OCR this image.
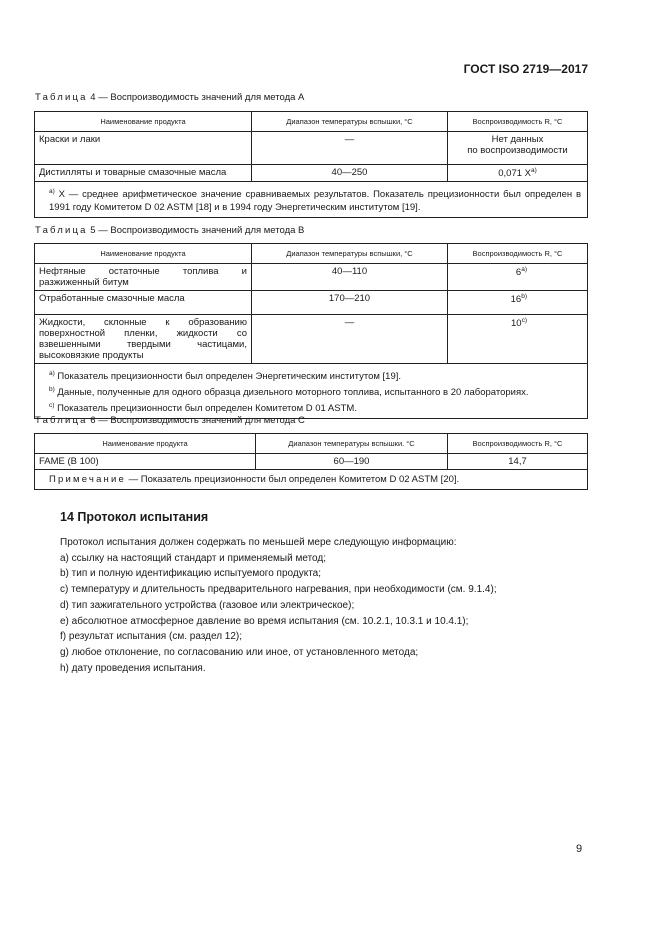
ГОСТ ISO 2719—2017
Таблица 4 — Воспроизводимость значений для метода А
Наименование продукта	Диапазон температуры вспышки, °С	Воспроизводимость R, °С
Краски и лаки	—	Нет данных
по воспроизводимости
Дистилляты и товарные смазочные масла	40—250	0,071 $X^{a)}$
$^{a)}$ X — среднее арифметическое значение сравниваемых результатов. Показатель прецизионности был определен в 1991 году Комитетом D 02 ASTM [18] и в 1994 году Энергетическим институтом [19].		
Таблица 5 — Воспроизводимость значений для метода В
Наименование продукта	Диапазон температуры вспышки, °С	Воспроизводимость R, °С
Нефтяные остаточные топлива и разжиженный битум	40—110	6$^{a)}$
Отработанные смазочные масла	170—210	16$^{b)}$
Жидкости, склонные к образованию поверхностной пленки, жидкости со взвешенными твердыми частицами, высоковязкие продукты	—	10$^{c)}$

$^{a)}$ Показатель прецизионности был определен Энергетическим институтом [19].
$^{b)}$ Данные, полученные для одного образца дизельного моторного топлива, испытанного в 20 лабораториях.
$^{c)}$ Показатель прецизионности был определен Комитетом D 01 ASTM.		
Таблица 6 — Воспроизводимость значений для метода С
Наименование продукта	Диапазон температуры вспышки. °С	Воспроизводимость R, °С
FAME (В 100)	60—190	14,7
Примечание — Показатель прецизионности был определен Комитетом D 02 ASTM [20].		
14 Протокол испытания
Протокол испытания должен содержать по меньшей мере следующую информацию:
a) ссылку на настоящий стандарт и применяемый метод;
b) тип и полную идентификацию испытуемого продукта;
c) температуру и длительность предварительного нагревания, при необходимости (см. 9.1.4);
d) тип зажигательного устройства (газовое или электрическое);
e) абсолютное атмосферное давление во время испытания (см. 10.2.1, 10.3.1 и 10.4.1);
f) результат испытания (см. раздел 12);
g) любое отклонение, по согласованию или иное, от установленного метода;
h) дату проведения испытания.
9
